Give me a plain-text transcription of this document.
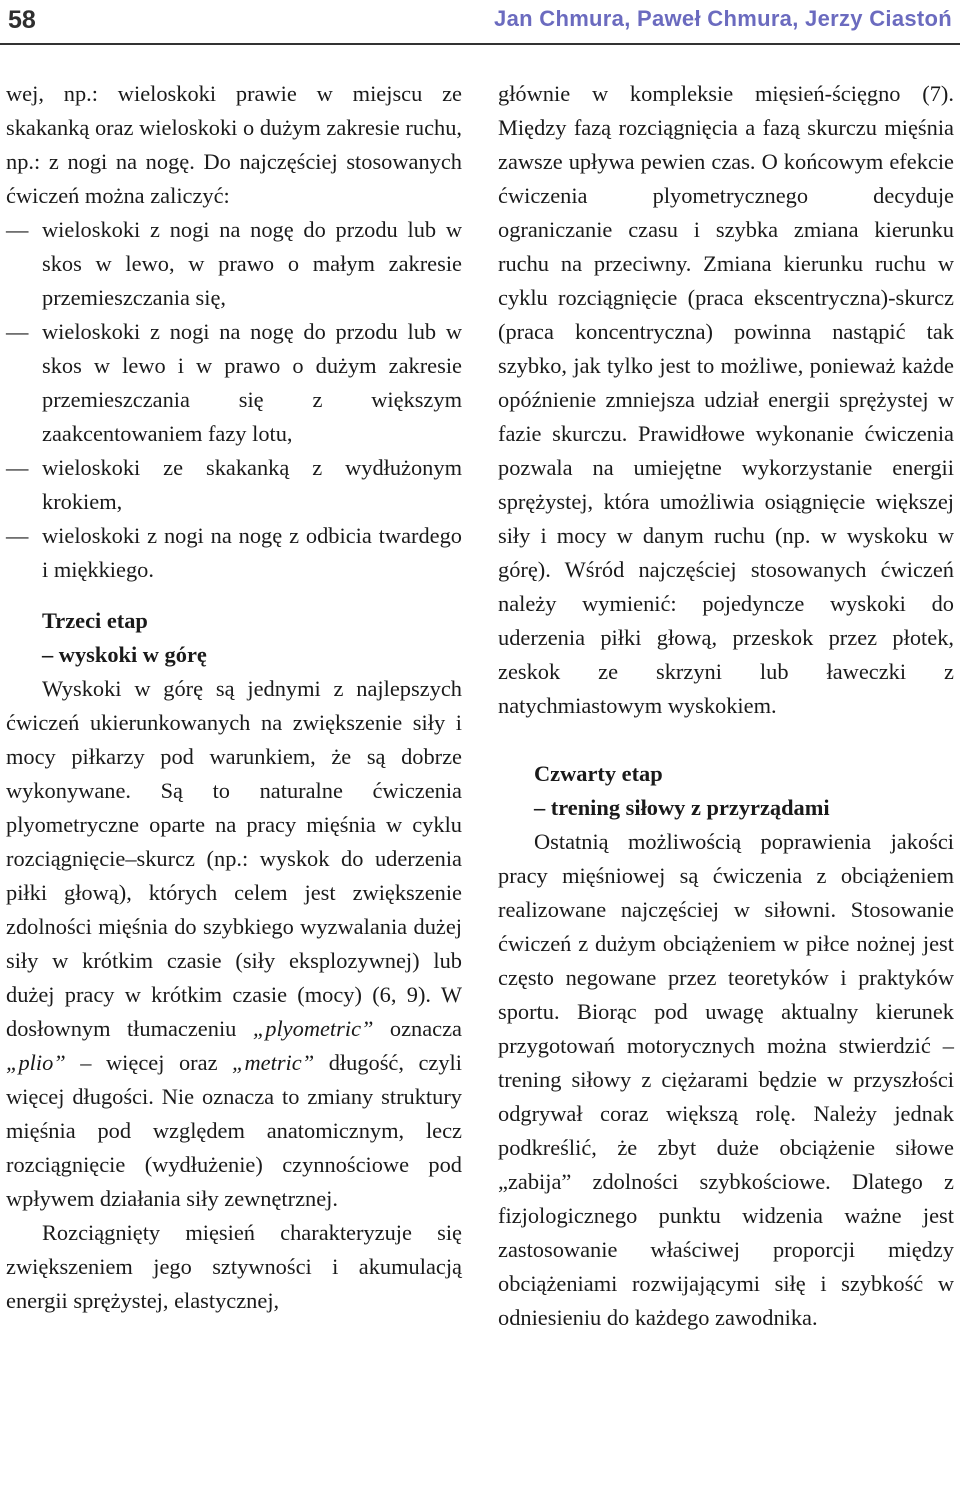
58	Jan Chmura, Paweł Chmura, Jerzy Ciastoń

wej, np.: wieloskoki prawie w miejscu ze skakanką oraz wieloskoki o dużym zakresie ruchu, np.: z nogi na nogę. Do najczęściej stosowanych ćwiczeń można zaliczyć:

— wieloskoki z nogi na nogę do przodu lub w skos w lewo, w prawo o małym zakresie przemieszczania się,

— wieloskoki z nogi na nogę do przodu lub w skos w lewo i w prawo o dużym zakresie przemieszczania się z większym zaakcentowaniem fazy lotu,

— wieloskoki ze skakanką z wydłużonym krokiem,

— wieloskoki z nogi na nogę z odbicia twardego i miękkiego.

Trzeci etap

– wyskoki w górę

Wyskoki w górę są jednymi z najlepszych ćwiczeń ukierunkowanych na zwiększenie siły i mocy piłkarzy pod warunkiem, że są dobrze wykonywane. Są to naturalne ćwiczenia plyometryczne oparte na pracy mięśnia w cyklu rozciągnięcie–skurcz (np.: wyskok do uderzenia piłki głową), których celem jest zwiększenie zdolności mięśnia do szybkiego wyzwalania dużej siły w krótkim czasie (siły eksplozywnej) lub dużej pracy w krótkim czasie (mocy) (6, 9). W dosłownym tłumaczeniu „plyometric” oznacza „plio” – więcej oraz „metric” długość, czyli więcej długości. Nie oznacza to zmiany struktury mięśnia pod względem anatomicznym, lecz rozciągnięcie (wydłużenie) czynnościowe pod wpływem działania siły zewnętrznej.

Rozciągnięty mięsień charakteryzuje się zwiększeniem jego sztywności i akumulacją energii sprężystej, elastycznej,

głównie w kompleksie mięsień-ścięgno (7). Między fazą rozciągnięcia a fazą skurczu mięśnia zawsze upływa pewien czas. O końcowym efekcie ćwiczenia plyometrycznego decyduje ograniczanie czasu i szybka zmiana kierunku ruchu na przeciwny. Zmiana kierunku ruchu w cyklu rozciągnięcie (praca ekscentryczna)-skurcz (praca koncentryczna) powinna nastąpić tak szybko, jak tylko jest to możliwe, ponieważ każde opóźnienie zmniejsza udział energii sprężystej w fazie skurczu. Prawidłowe wykonanie ćwiczenia pozwala na umiejętne wykorzystanie energii sprężystej, która umożliwia osiągnięcie większej siły i mocy w danym ruchu (np. w wyskoku w górę). Wśród najczęściej stosowanych ćwiczeń należy wymienić: pojedyncze wyskoki do uderzenia piłki głową, przeskok przez płotek, zeskok ze skrzyni lub ławeczki z natychmiastowym wyskokiem.

Czwarty etap

– trening siłowy z przyrządami

Ostatnią możliwością poprawienia jakości pracy mięśniowej są ćwiczenia z obciążeniem realizowane najczęściej w siłowni. Stosowanie ćwiczeń z dużym obciążeniem w piłce nożnej jest często negowane przez teoretyków i praktyków sportu. Biorąc pod uwagę aktualny kierunek przygotowań motorycznych można stwierdzić – trening siłowy z ciężarami będzie w przyszłości odgrywał coraz większą rolę. Należy jednak podkreślić, że zbyt duże obciążenie siłowe „zabija” zdolności szybkościowe. Dlatego z fizjologicznego punktu widzenia ważne jest zastosowanie właściwej proporcji między obciążeniami rozwijającymi siłę i szybkość w odniesieniu do każdego zawodnika.
